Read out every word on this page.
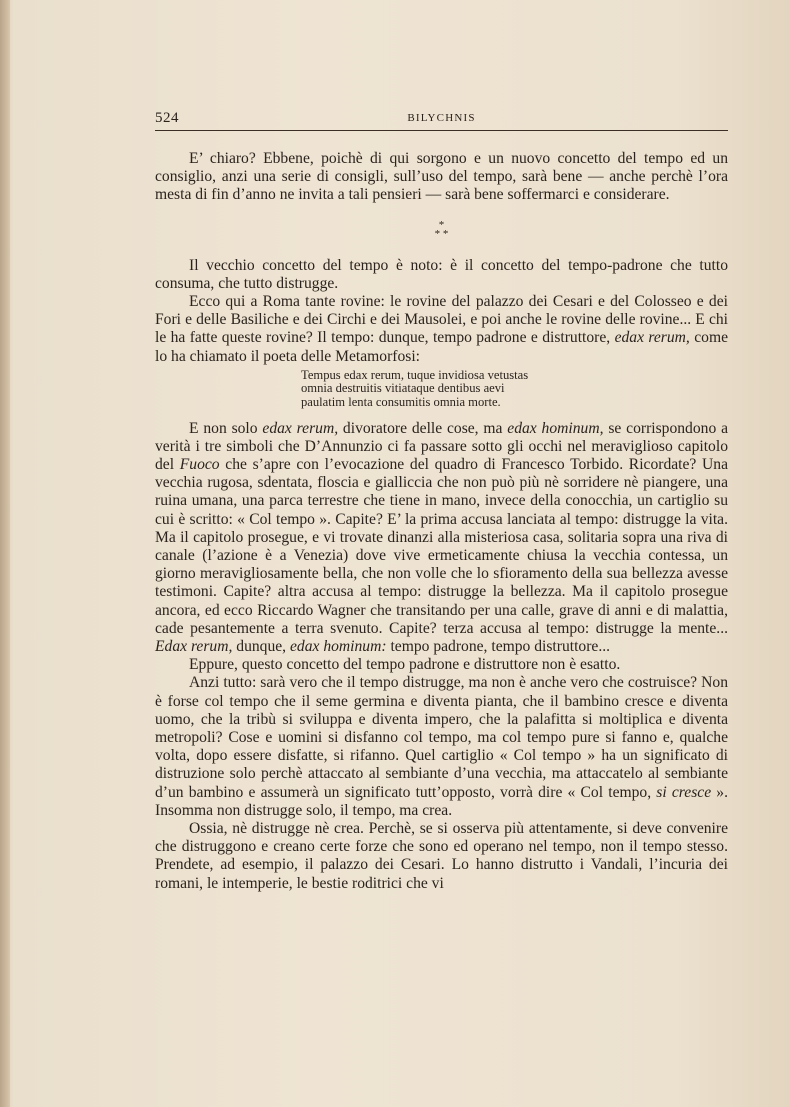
524	BILYCHNIS

E’ chiaro? Ebbene, poichè di qui sorgono e un nuovo concetto del tempo ed un consiglio, anzi una serie di consigli, sull’uso del tempo, sarà bene — anche perchè l’ora mesta di fin d’anno ne invita a tali pensieri — sarà bene soffermarci e considerare.

*
* *

Il vecchio concetto del tempo è noto: è il concetto del tempo-padrone che tutto consuma, che tutto distrugge.

Ecco qui a Roma tante rovine: le rovine del palazzo dei Cesari e del Colosseo e dei Fori e delle Basiliche e dei Circhi e dei Mausolei, e poi anche le rovine delle rovine... E chi le ha fatte queste rovine? Il tempo: dunque, tempo padrone e distruttore, edax rerum, come lo ha chiamato il poeta delle Metamorfosi:

Tempus edax rerum, tuque invidiosa vetustas
omnia destruitis vitiataque dentibus aevi
paulatim lenta consumitis omnia morte.

E non solo edax rerum, divoratore delle cose, ma edax hominum, se corrispondono a verità i tre simboli che D’Annunzio ci fa passare sotto gli occhi nel meraviglioso capitolo del Fuoco che s’apre con l’evocazione del quadro di Francesco Torbido. Ricordate? Una vecchia rugosa, sdentata, floscia e gialliccia che non può più nè sorridere nè piangere, una ruina umana, una parca terrestre che tiene in mano, invece della conocchia, un cartiglio su cui è scritto: « Col tempo ». Capite? E’ la prima accusa lanciata al tempo: distrugge la vita. Ma il capitolo prosegue, e vi trovate dinanzi alla misteriosa casa, solitaria sopra una riva di canale (l’azione è a Venezia) dove vive ermeticamente chiusa la vecchia contessa, un giorno meravigliosamente bella, che non volle che lo sfioramento della sua bellezza avesse testimoni. Capite? altra accusa al tempo: distrugge la bellezza. Ma il capitolo prosegue ancora, ed ecco Riccardo Wagner che transitando per una calle, grave di anni e di malattia, cade pesantemente a terra svenuto. Capite? terza accusa al tempo: distrugge la mente... Edax rerum, dunque, edax hominum: tempo padrone, tempo distruttore...

Eppure, questo concetto del tempo padrone e distruttore non è esatto.

Anzi tutto: sarà vero che il tempo distrugge, ma non è anche vero che costruisce? Non è forse col tempo che il seme germina e diventa pianta, che il bambino cresce e diventa uomo, che la tribù si sviluppa e diventa impero, che la palafitta si moltiplica e diventa metropoli? Cose e uomini si disfanno col tempo, ma col tempo pure si fanno e, qualche volta, dopo essere disfatte, si rifanno. Quel cartiglio « Col tempo » ha un significato di distruzione solo perchè attaccato al sembiante d’una vecchia, ma attaccatelo al sembiante d’un bambino e assumerà un significato tutt’opposto, vorrà dire « Col tempo, si cresce ». Insomma non distrugge solo, il tempo, ma crea.

Ossia, nè distrugge nè crea. Perchè, se si osserva più attentamente, si deve convenire che distruggono e creano certe forze che sono ed operano nel tempo, non il tempo stesso. Prendete, ad esempio, il palazzo dei Cesari. Lo hanno distrutto i Vandali, l’incuria dei romani, le intemperie, le bestie roditrici che vi
